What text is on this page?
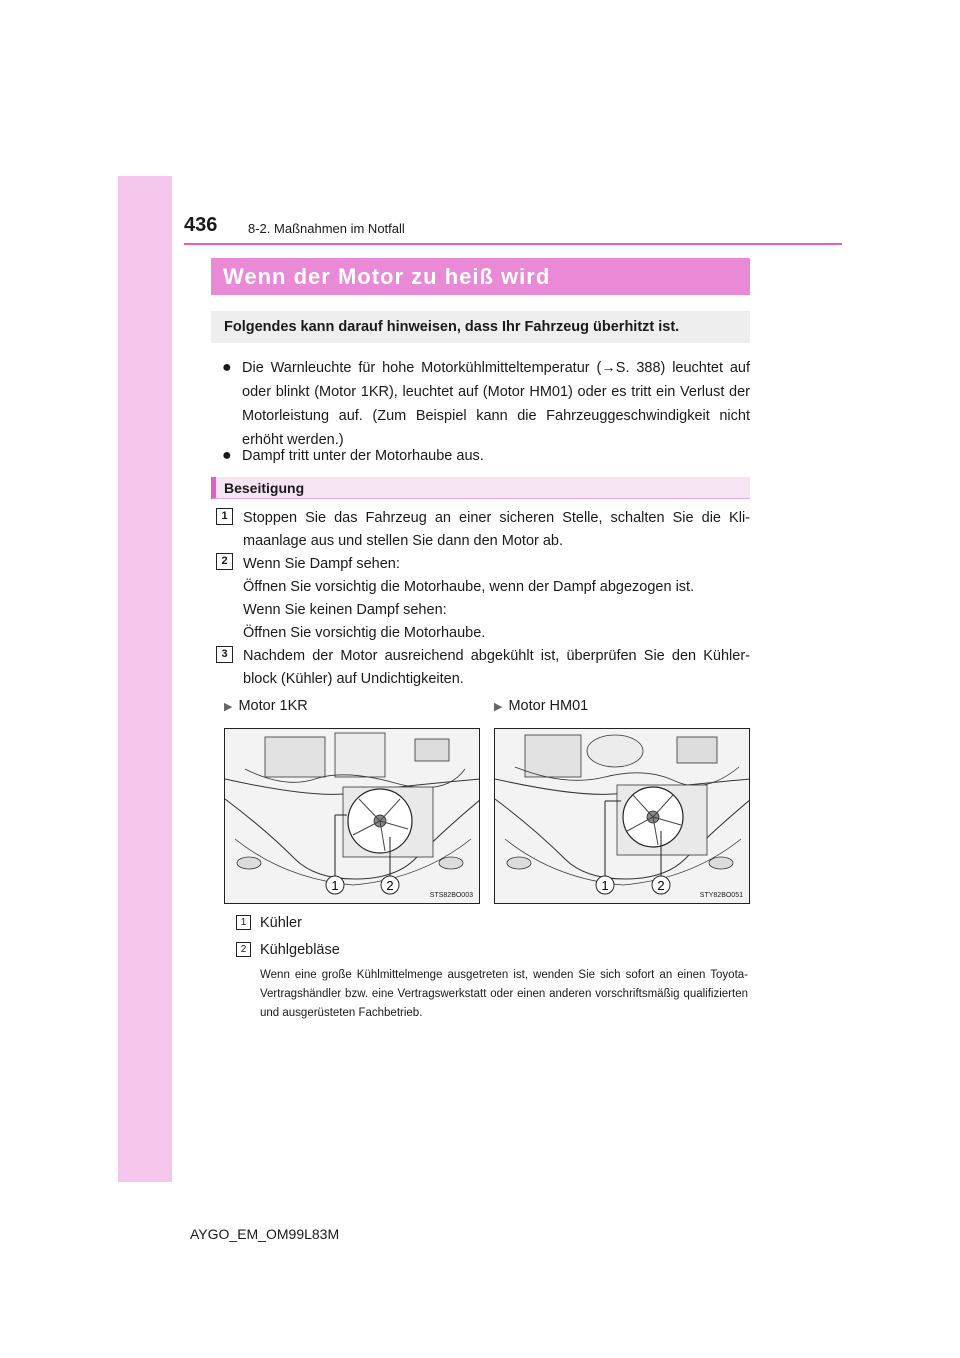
436 8-2. Maßnahmen im Notfall
Wenn der Motor zu heiß wird
Folgendes kann darauf hinweisen, dass Ihr Fahrzeug überhitzt ist.
● Die Warnleuchte für hohe Motorkühlmitteltemperatur (→S. 388) leuchtet auf oder blinkt (Motor 1KR), leuchtet auf (Motor HM01) oder es tritt ein Verlust der Motorleistung auf. (Zum Beispiel kann die Fahrzeuggeschwindigkeit nicht erhöht werden.)
● Dampf tritt unter der Motorhaube aus.
Beseitigung
1	Stoppen Sie das Fahrzeug an einer sicheren Stelle, schalten Sie die Kli- maanlage aus und stellen Sie dann den Motor ab.
2	Wenn Sie Dampf sehen:
Öffnen Sie vorsichtig die Motorhaube, wenn der Dampf abgezogen ist.
Wenn Sie keinen Dampf sehen:
Öffnen Sie vorsichtig die Motorhaube.
3	Nachdem der Motor ausreichend abgekühlt ist, überprüfen Sie den Kühler- block (Kühler) auf Undichtigkeiten.
▶ Motor 1KR	▶ Motor HM01
1	2
STS82BO003
1	2
STY82BO051
1 Kühler
2 Kühlgebläse
Wenn eine große Kühlmittelmenge ausgetreten ist, wenden Sie sich sofort an einen Toyota-Vertragshändler bzw. eine Vertragswerkstatt oder einen anderen vorschriftsmäßig qualifizierten und ausgerüsteten Fachbetrieb.
AYGO_EM_OM99L83M
